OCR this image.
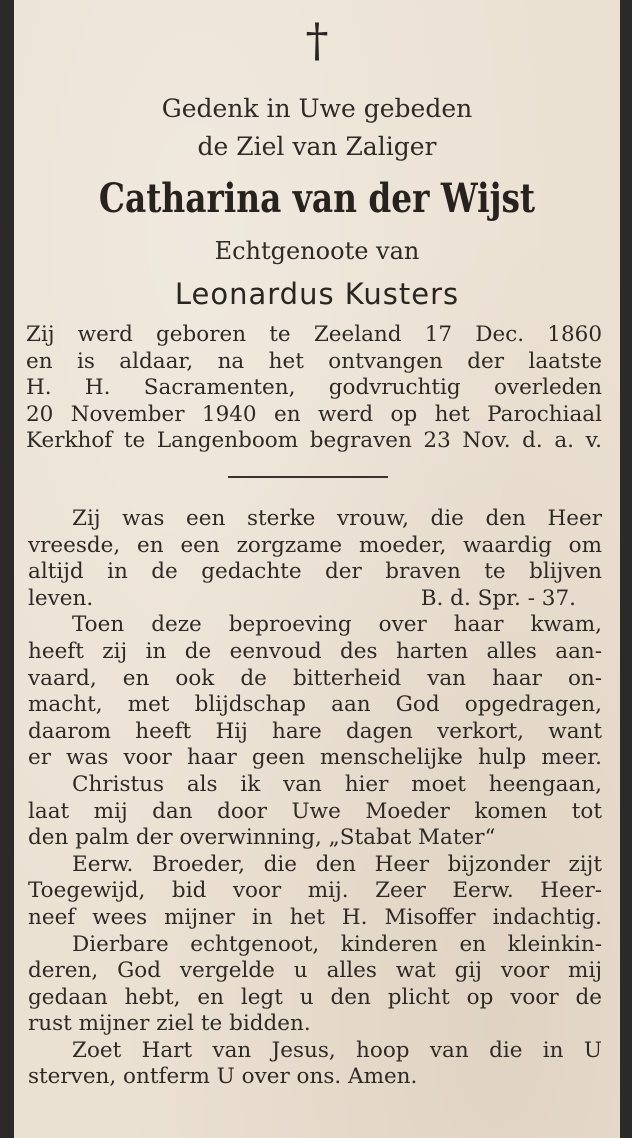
†
Gedenk in Uwe gebeden
de Ziel van Zaliger
Catharina van der Wijst
Echtgenoote van
Leonardus Kusters
Zij werd geboren te Zeeland 17 Dec. 1860
en is aldaar, na het ontvangen der laatste
H. H. Sacramenten, godvruchtig overleden
20 November 1940 en werd op het Parochiaal
Kerkhof te Langenboom begraven 23 Nov. d. a. v.
Zij was een sterke vrouw, die den Heer
vreesde, en een zorgzame moeder, waardig om
altijd in de gedachte der braven te blijven
leven.	B. d. Spr. - 37.
Toen deze beproeving over haar kwam,
heeft zij in de eenvoud des harten alles aan-
vaard, en ook de bitterheid van haar on-
macht, met blijdschap aan God opgedragen,
daarom heeft Hij hare dagen verkort, want
er was voor haar geen menschelijke hulp meer.
Christus als ik van hier moet heengaan,
laat mij dan door Uwe Moeder komen tot
den palm der overwinning, „Stabat Mater“
Eerw. Broeder, die den Heer bijzonder zijt
Toegewijd, bid voor mij. Zeer Eerw. Heer-
neef wees mijner in het H. Misoffer indachtig.
Dierbare echtgenoot, kinderen en kleinkin-
deren, God vergelde u alles wat gij voor mij
gedaan hebt, en legt u den plicht op voor de
rust mijner ziel te bidden.
Zoet Hart van Jesus, hoop van die in U
sterven, ontferm U over ons. Amen.
